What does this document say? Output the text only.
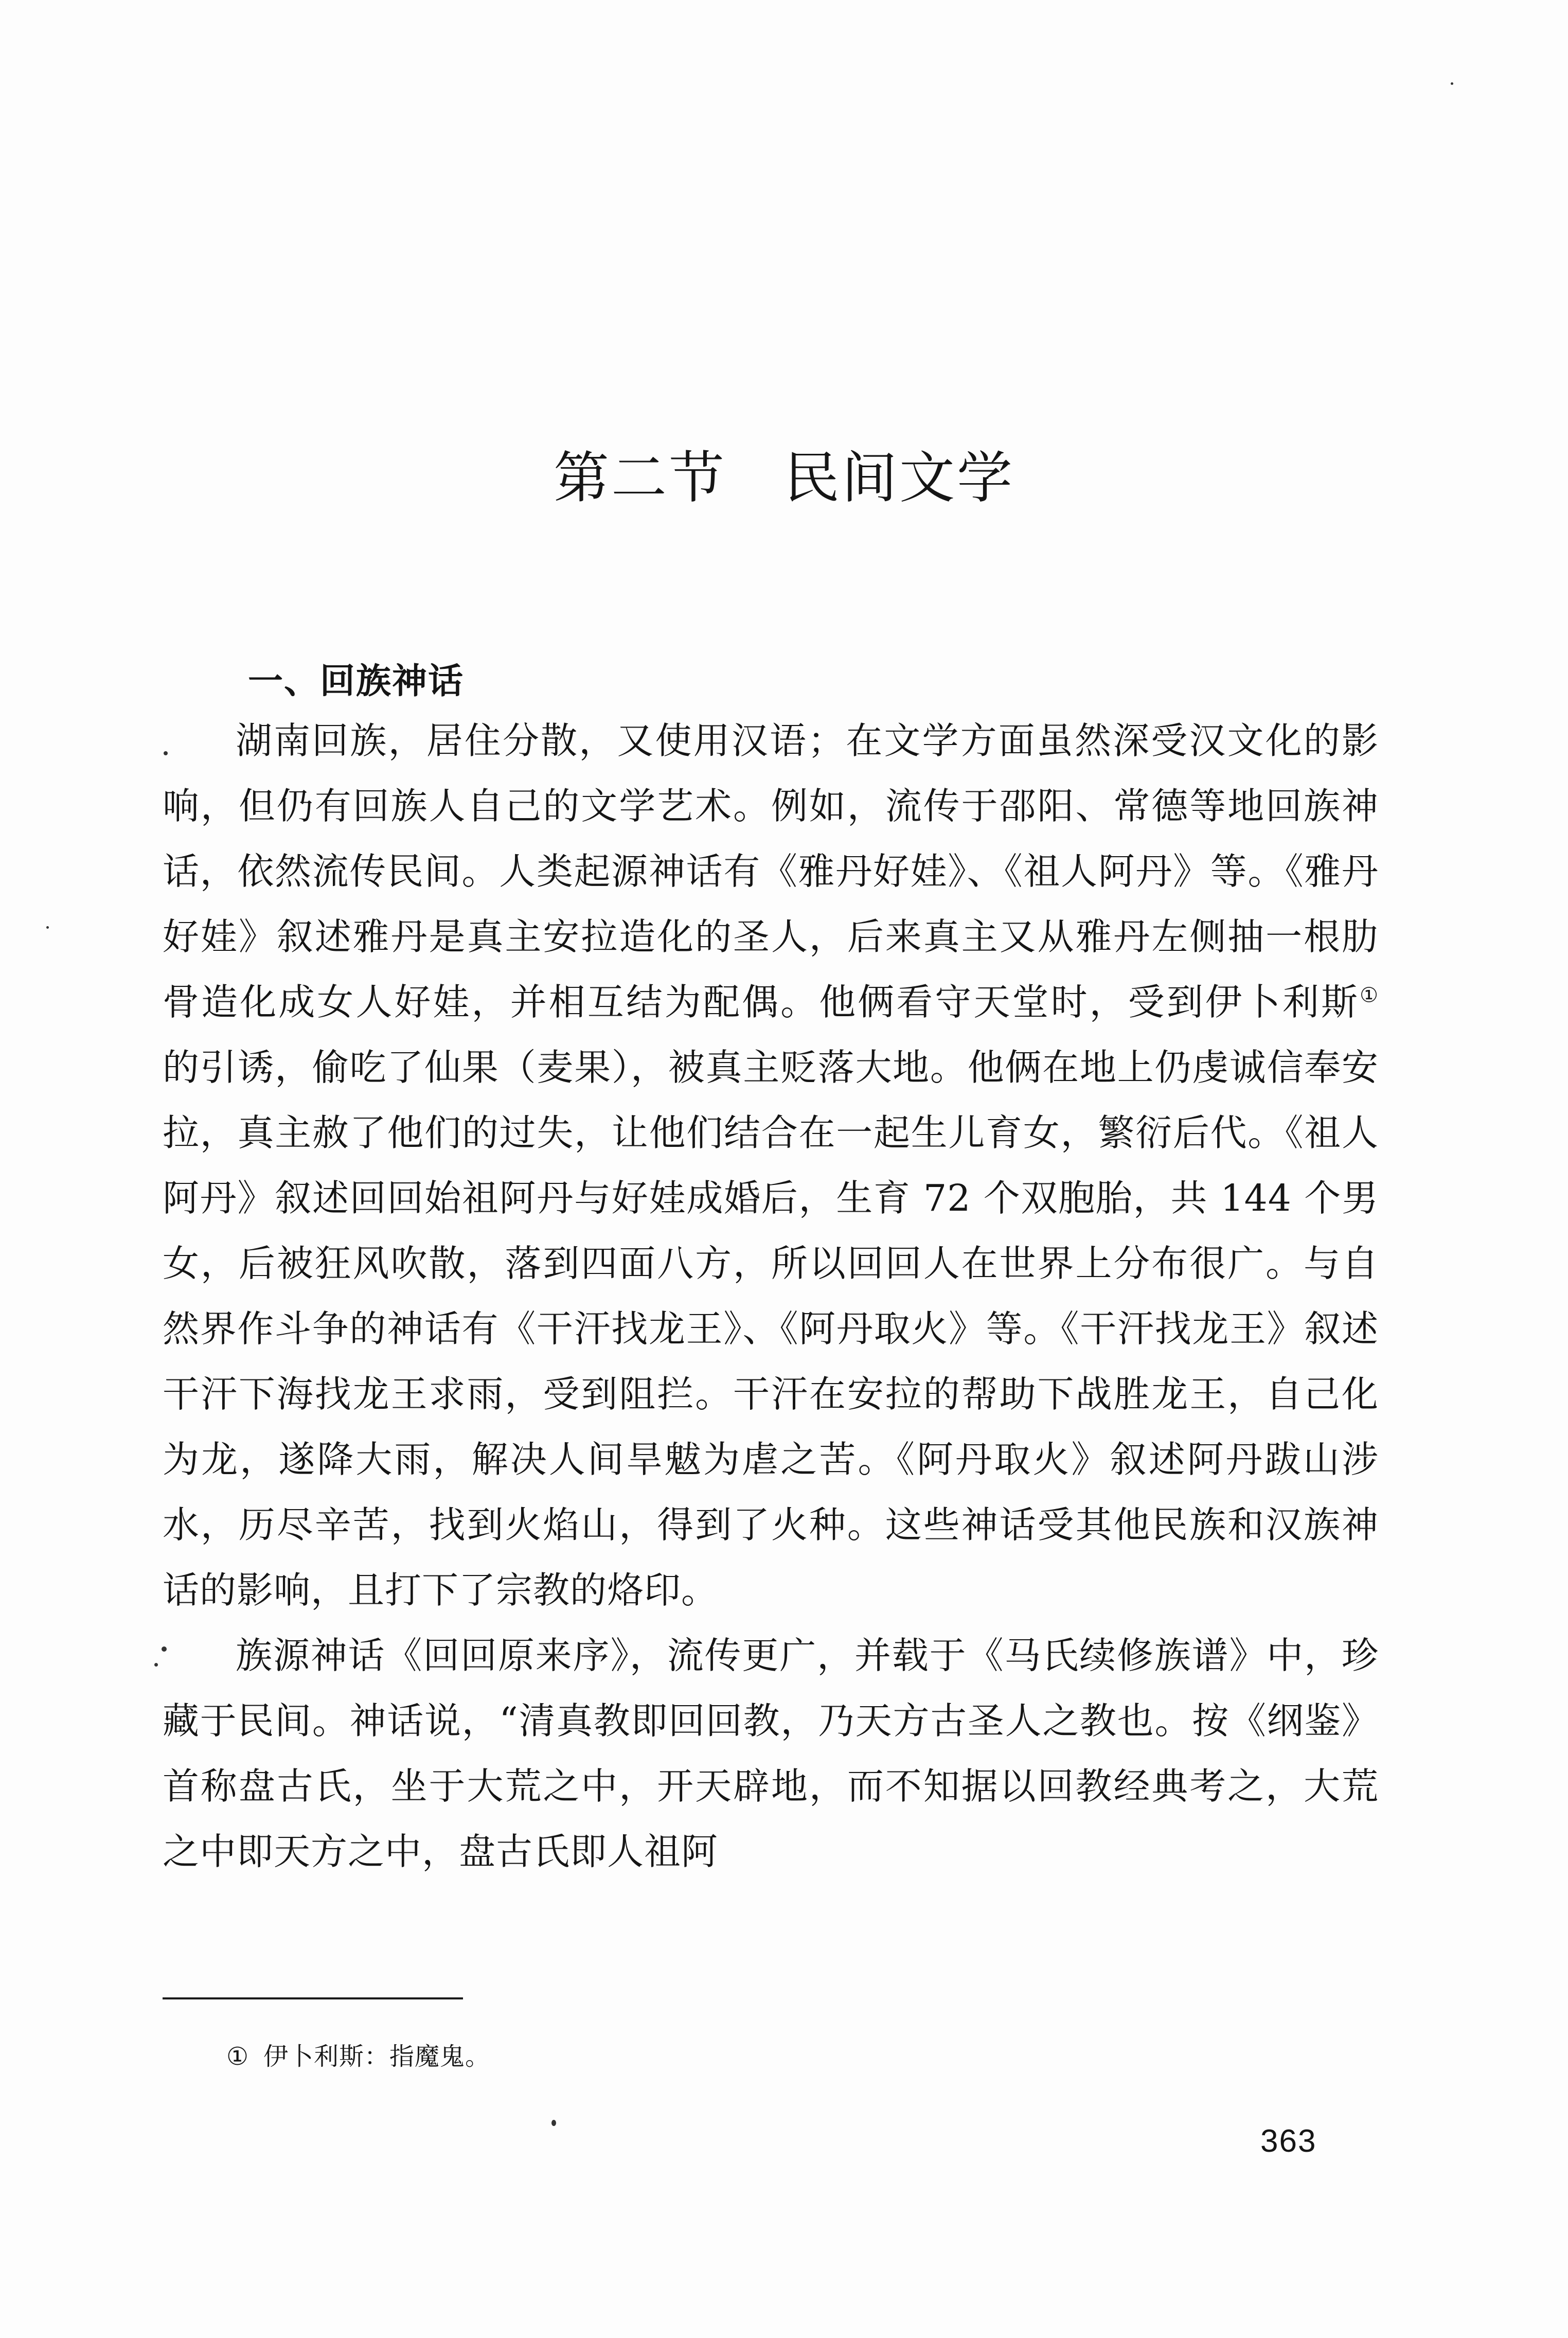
第二节　民间文学
一、回族神话

湖南回族，居住分散，又使用汉语；在文学方面虽然深受汉文化的影响，但仍有回族人自己的文学艺术。例如，流传于邵阳、常德等地回族神话，依然流传民间。人类起源神话有《雅丹好娃》、《祖人阿丹》等。《雅丹好娃》叙述雅丹是真主安拉造化的圣人，后来真主又从雅丹左侧抽一根肋骨造化成女人好娃，并相互结为配偶。他俩看守天堂时，受到伊卜利斯① 的引诱，偷吃了仙果（麦果），被真主贬落大地。他俩在地上仍虔诚信奉安拉，真主赦了他们的过失，让他们结合在一起生儿育女，繁衍后代。《祖人阿丹》叙述回回始祖阿丹与好娃成婚后，生育 72 个双胞胎，共 144 个男女，后被狂风吹散，落到四面八方，所以回回人在世界上分布很广。与自然界作斗争的神话有《干汗找龙王》、《阿丹取火》等。《干汗找龙王》叙述干汗下海找龙王求雨，受到阻拦。干汗在安拉的帮助下战胜龙王，自己化为龙，遂降大雨，解决人间旱魃为虐之苦。《阿丹取火》叙述阿丹跋山涉水，历尽辛苦，找到火焰山，得到了火种。这些神话受其他民族和汉族神话的影响，且打下了宗教的烙印。

族源神话《回回原来序》，流传更广，并载于《马氏续修族谱》中，珍藏于民间。神话说，“清真教即回回教，乃天方古圣人之教也。按《纲鉴》首称盘古氏，坐于大荒之中，开天辟地，而不知据以回教经典考之，大荒之中即天方之中，盘古氏即人祖阿

① 伊卜利斯：指魔鬼。
363
